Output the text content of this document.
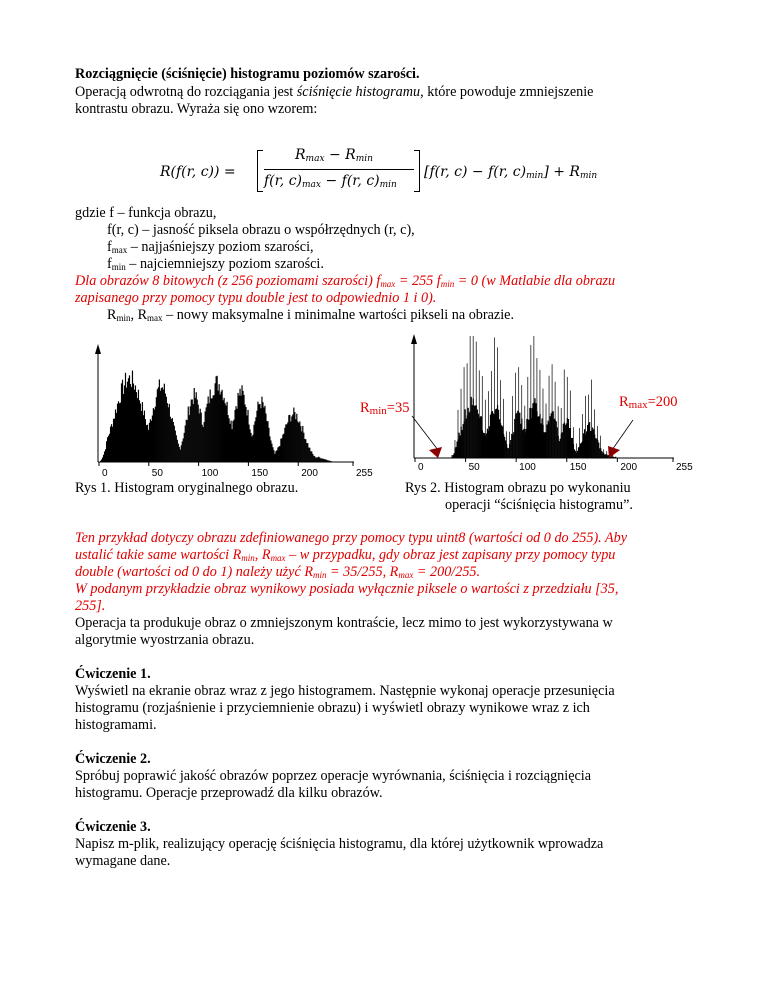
Rozciągnięcie (ściśnięcie) histogramu poziomów szarości.
Operacją odwrotną do rozciągania jest ściśnięcie histogramu, które powoduje zmniejszenie
kontrastu obrazu. Wyraża się ono wzorem:
R(f(r, c)) =
$R_{max} - R_{min}$
f(r, $c)_{max} - f(r$, $c)_{min}$
[f(r, c) − f(r, $c)_{min}] + R_{min}$
gdzie f – funkcja obrazu,
f(r, c) – jasność piksela obrazu o współrzędnych (r, c),
$f_{max}$ – najjaśniejszy poziom szarości,
$f_{min}$ – najciemniejszy poziom szarości.
Dla obrazów 8 bitowych (z 256 poziomami szarości) $f_{max} = 255$ $f_{min} = 0$ (w Matlabie dla obrazu
zapisanego przy pomocy typu double jest to odpowiednio 1 i 0).
$R_{min}$, $R_{max}$ – nowy maksymalne i minimalne wartości pikseli na obrazie.
0	50	100	150	200	255
Rys 1. Histogram oryginalnego obrazu.
0	50	100	150	200	255
$R_{min}=35$	$R_{max}=200$
Rys 2. Histogram obrazu po wykonaniu
operacji “ściśnięcia histogramu”.
Ten przykład dotyczy obrazu zdefiniowanego przy pomocy typu uint8 (wartości od 0 do 255). Aby
ustalić takie same wartości $R_{min}$, $R_{max}$ – w przypadku, gdy obraz jest zapisany przy pomocy typu
double (wartości od 0 do 1) należy użyć $R_{min} = 35/255$, $R_{max} = 200/255$.
W podanym przykładzie obraz wynikowy posiada wyłącznie piksele o wartości z przedziału [35,
255].
Operacja ta produkuje obraz o zmniejszonym kontraście, lecz mimo to jest wykorzystywana w
algorytmie wyostrzania obrazu.
Ćwiczenie 1.
Wyświetl na ekranie obraz wraz z jego histogramem. Następnie wykonaj operacje przesunięcia
histogramu (rozjaśnienie i przyciemnienie obrazu) i wyświetl obrazy wynikowe wraz z ich
histogramami.
Ćwiczenie 2.
Spróbuj poprawić jakość obrazów poprzez operacje wyrównania, ściśnięcia i rozciągnięcia
histogramu. Operacje przeprowadź dla kilku obrazów.
Ćwiczenie 3.
Napisz m-plik, realizujący operację ściśnięcia histogramu, dla której użytkownik wprowadza
wymagane dane.
